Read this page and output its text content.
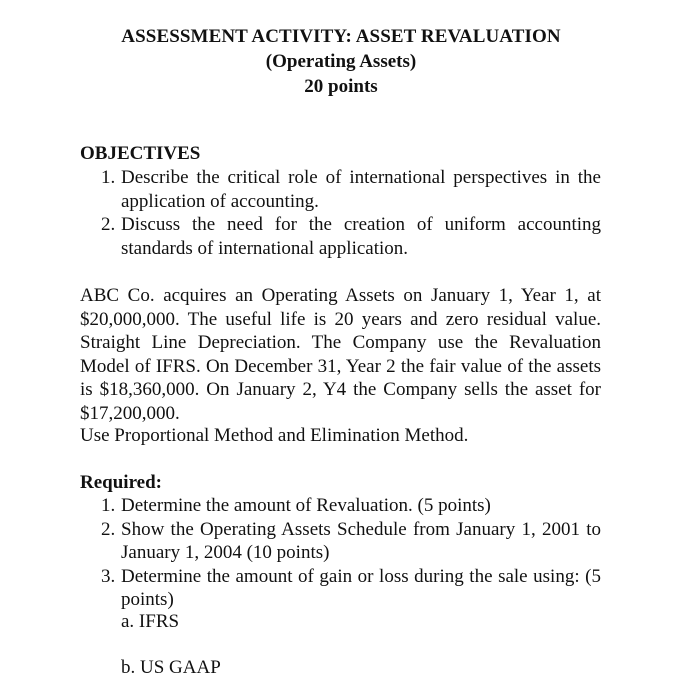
ASSESSMENT ACTIVITY: ASSET REVALUATION
(Operating Assets)
20 points
OBJECTIVES
1. Describe the critical role of international perspectives in the application of accounting.
2. Discuss the need for the creation of uniform accounting standards of international application.

ABC Co. acquires an Operating Assets on January 1, Year 1, at $20,000,000. The useful life is 20 years and zero residual value. Straight Line Depreciation. The Company use the Revaluation Model of IFRS. On December 31, Year 2 the fair value of the assets is $18,360,000. On January 2, Y4 the Company sells the asset for $17,200,000.

Use Proportional Method and Elimination Method.
Required:
1. Determine the amount of Revaluation. (5 points)
2. Show the Operating Assets Schedule from January 1, 2001 to January 1, 2004 (10 points)
3. Determine the amount of gain or loss during the sale using: (5 points)
a. IFRS
b. US GAAP
